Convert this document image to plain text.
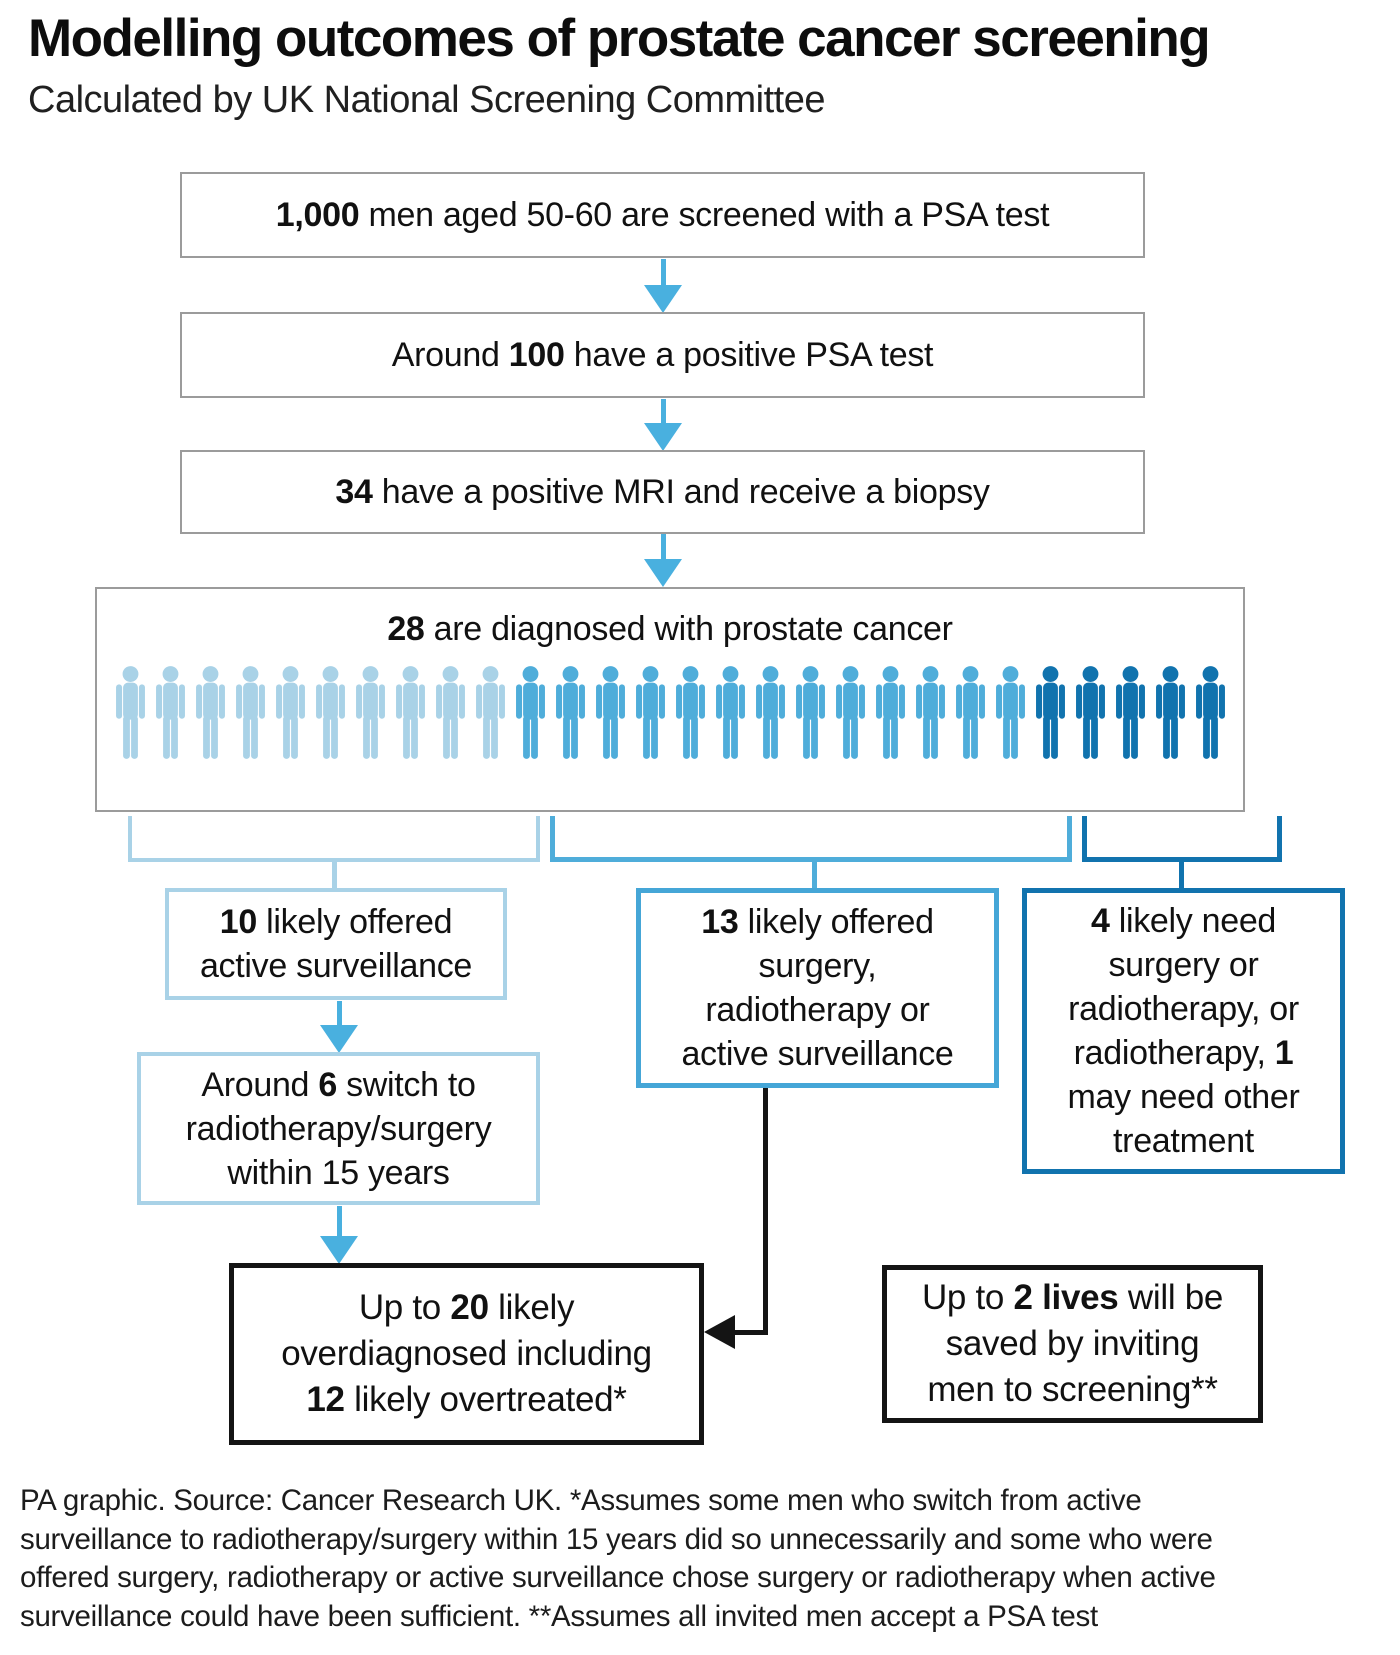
Modelling outcomes of prostate cancer screening
Calculated by UK National Screening Committee
1,000 men aged 50-60 are screened with a PSA test
Around 100 have a positive PSA test
34 have a positive MRI and receive a biopsy
28 are diagnosed with prostate cancer
10 likely offered
active surveillance
13 likely offered
surgery,
radiotherapy or
active surveillance
4 likely need
surgery or
radiotherapy, or
radiotherapy, 1
may need other
treatment
Around 6 switch to
radiotherapy/surgery
within 15 years
Up to 20 likely
overdiagnosed including
12 likely overtreated*
Up to 2 lives will be
saved by inviting
men to screening**
PA graphic. Source: Cancer Research UK. *Assumes some men who switch from active
surveillance to radiotherapy/surgery within 15 years did so unnecessarily and some who were
offered surgery, radiotherapy or active surveillance chose surgery or radiotherapy when active
surveillance could have been sufficient. **Assumes all invited men accept a PSA test
